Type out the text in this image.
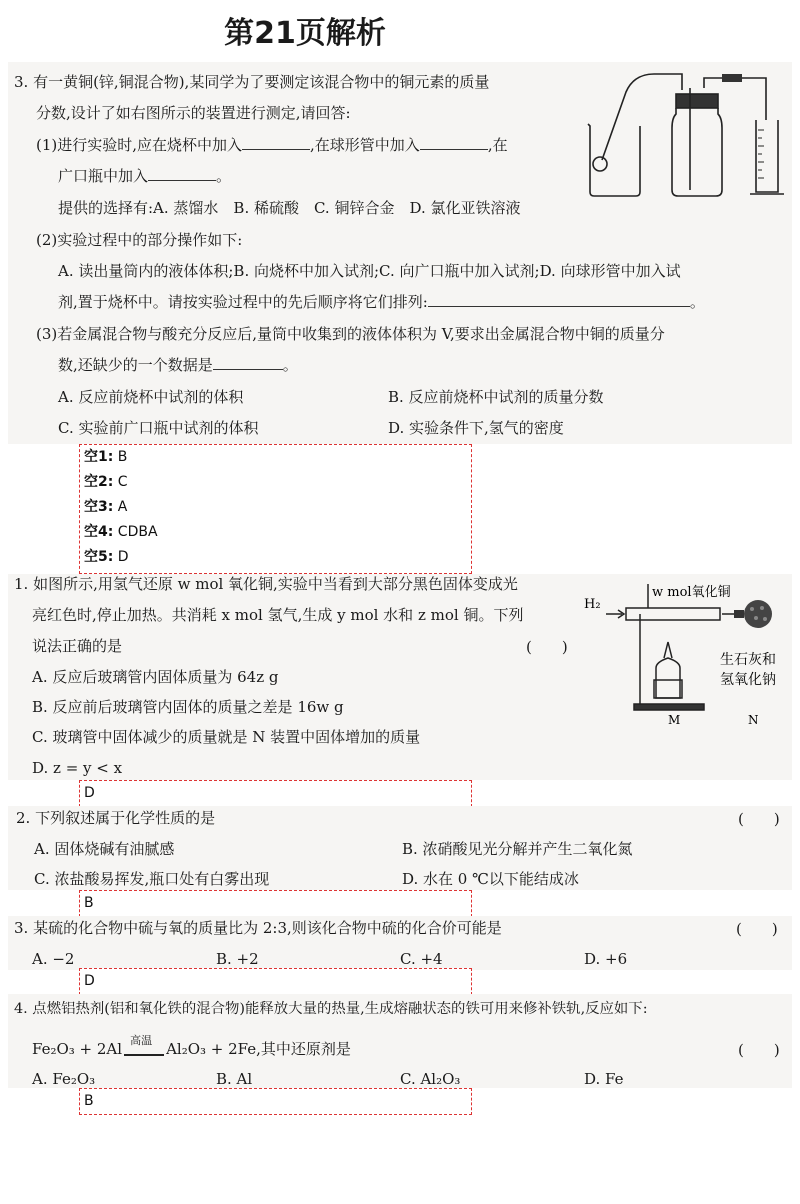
第21页解析
3. 有一黄铜(锌,铜混合物),某同学为了要测定该混合物中的铜元素的质量
分数,设计了如右图所示的装置进行测定,请回答:
(1)进行实验时,应在烧杯中加入	,在球形管中加入	,在
广口瓶中加入	。
提供的选择有:A. 蒸馏水　B. 稀硫酸　C. 铜锌合金　D. 氯化亚铁溶液
(2)实验过程中的部分操作如下:
A. 读出量筒内的液体体积;B. 向烧杯中加入试剂;C. 向广口瓶中加入试剂;D. 向球形管中加入试
剂,置于烧杯中。请按实验过程中的先后顺序将它们排列:	。
(3)若金属混合物与酸充分反应后,量筒中收集到的液体体积为 V,要求出金属混合物中铜的质量分
数,还缺少的一个数据是	。
A. 反应前烧杯中试剂的体积	B. 反应前烧杯中试剂的质量分数
C. 实验前广口瓶中试剂的体积	D. 实验条件下,氢气的密度
空1: B
空2: C
空3: A
空4: CDBA
空5: D
1. 如图所示,用氢气还原 w mol 氧化铜,实验中当看到大部分黑色固体变成光
亮红色时,停止加热。共消耗 x mol 氢气,生成 y mol 水和 z mol 铜。下列
说法正确的是	(　　)
A. 反应后玻璃管内固体质量为 64z g
B. 反应前后玻璃管内固体的质量之差是 16w g
C. 玻璃管中固体减少的质量就是 N 装置中固体增加的质量
D. z = y < x
H₂
w mol氧化铜
生石灰和
氢氧化钠
M	N
D
2. 下列叙述属于化学性质的是	(　　)
A. 固体烧碱有油腻感	B. 浓硝酸见光分解并产生二氧化氮
C. 浓盐酸易挥发,瓶口处有白雾出现	D. 水在 0 ℃以下能结成冰
B
3. 某硫的化合物中硫与氧的质量比为 2:3,则该化合物中硫的化合价可能是	(　　)
A. −2	B. +2	C. +4	D. +6
D
4. 点燃铝热剂(铝和氧化铁的混合物)能释放大量的热量,生成熔融状态的铁可用来修补铁轨,反应如下:
Fe₂O₃ + 2Al 高温 Al₂O₃ + 2Fe,其中还原剂是	(　　)
A. Fe₂O₃	B. Al	C. Al₂O₃	D. Fe
B
